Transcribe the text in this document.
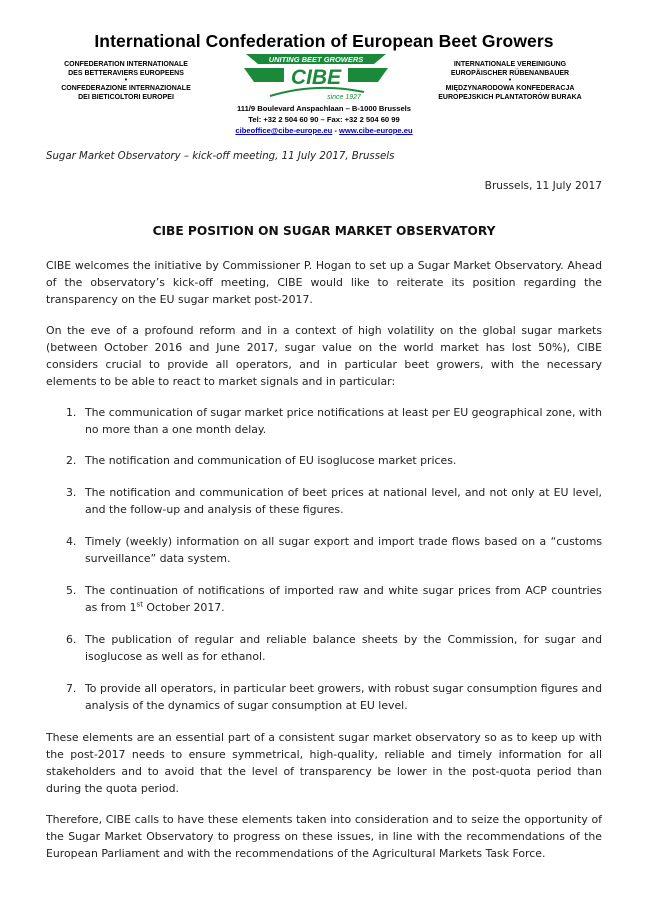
International Confederation of European Beet Growers
CONFEDERATION INTERNATIONALE
DES BETTERAVIERS EUROPEENS
•
CONFEDERAZIONE INTERNAZIONALE
DEI BIETICOLTORI EUROPEI
UNITING BEET GROWERS
CIBE
since 1927
INTERNATIONALE VEREINIGUNG
EUROPÄISCHER RÜBENANBAUER
•
MIĘDZYNARODOWA KONFEDERACJA
EUROPEJSKICH PLANTATORÓW BURAKA
111/9 Boulevard Anspachlaan – B-1000 Brussels
Tel: +32 2 504 60 90 – Fax: +32 2 504 60 99
cibeoffice@cibe-europe.eu - www.cibe-europe.eu
Sugar Market Observatory – kick-off meeting, 11 July 2017, Brussels
Brussels, 11 July 2017
CIBE POSITION ON SUGAR MARKET OBSERVATORY
CIBE welcomes the initiative by Commissioner P. Hogan to set up a Sugar Market Observatory. Ahead of the observatory’s kick-off meeting, CIBE would like to reiterate its position regarding the transparency on the EU sugar market post-2017.
On the eve of a profound reform and in a context of high volatility on the global sugar markets (between October 2016 and June 2017, sugar value on the world market has lost 50%), CIBE considers crucial to provide all operators, and in particular beet growers, with the necessary elements to be able to react to market signals and in particular:
1. The communication of sugar market price notifications at least per EU geographical zone, with no more than a one month delay.
2. The notification and communication of EU isoglucose market prices.
3. The notification and communication of beet prices at national level, and not only at EU level, and the follow-up and analysis of these figures.
4. Timely (weekly) information on all sugar export and import trade flows based on a “customs surveillance” data system.
5. The continuation of notifications of imported raw and white sugar prices from ACP countries as from 1st October 2017.
6. The publication of regular and reliable balance sheets by the Commission, for sugar and isoglucose as well as for ethanol.
7. To provide all operators, in particular beet growers, with robust sugar consumption figures and analysis of the dynamics of sugar consumption at EU level.
These elements are an essential part of a consistent sugar market observatory so as to keep up with the post-2017 needs to ensure symmetrical, high-quality, reliable and timely information for all stakeholders and to avoid that the level of transparency be lower in the post-quota period than during the quota period.
Therefore, CIBE calls to have these elements taken into consideration and to seize the opportunity of the Sugar Market Observatory to progress on these issues, in line with the recommendations of the European Parliament and with the recommendations of the Agricultural Markets Task Force.
